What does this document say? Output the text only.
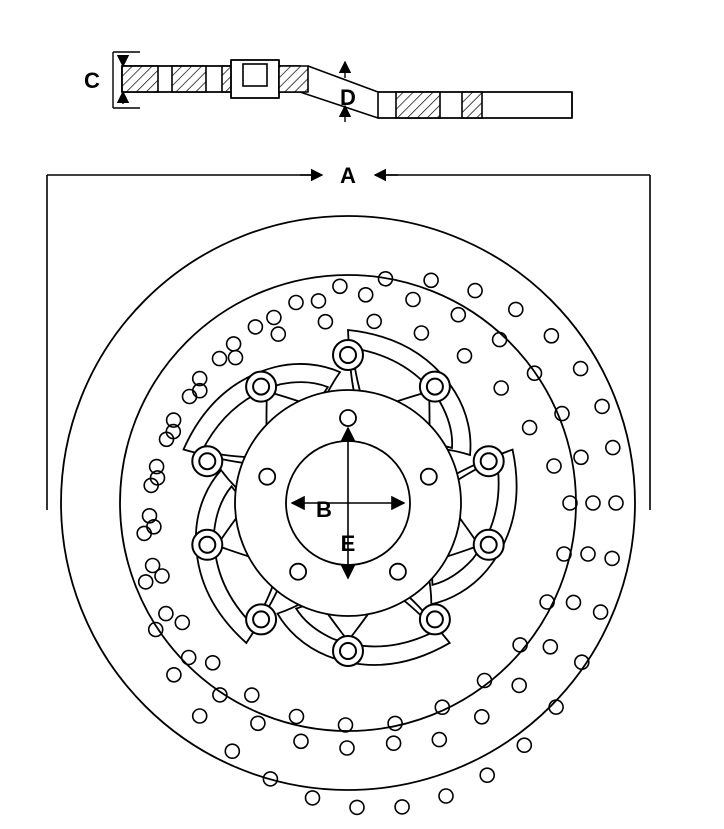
C
D
A
B
E
